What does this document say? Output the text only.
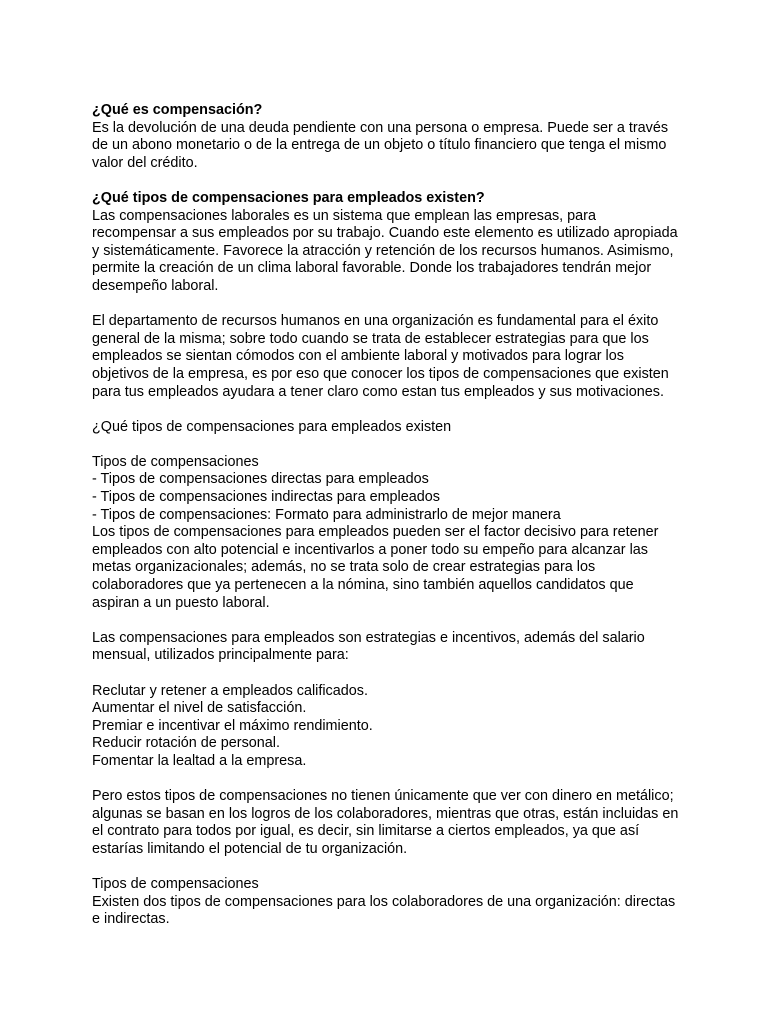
¿Qué es compensación?

Es la devolución de una deuda pendiente con una persona o empresa. Puede ser a través

de un abono monetario o de la entrega de un objeto o título financiero que tenga el mismo

valor del crédito.

¿Qué tipos de compensaciones para empleados existen?

Las compensaciones laborales es un sistema que emplean las empresas, para

recompensar a sus empleados por su trabajo. Cuando este elemento es utilizado apropiada

y sistemáticamente. Favorece la atracción y retención de los recursos humanos. Asimismo,

permite la creación de un clima laboral favorable. Donde los trabajadores tendrán mejor

desempeño laboral.

El departamento de recursos humanos en una organización es fundamental para el éxito

general de la misma; sobre todo cuando se trata de establecer estrategias para que los

empleados se sientan cómodos con el ambiente laboral y motivados para lograr los

objetivos de la empresa, es por eso que conocer los tipos de compensaciones que existen

para tus empleados ayudara a tener claro como estan tus empleados y sus motivaciones.

¿Qué tipos de compensaciones para empleados existen

Tipos de compensaciones

- Tipos de compensaciones directas para empleados

- Tipos de compensaciones indirectas para empleados

- Tipos de compensaciones: Formato para administrarlo de mejor manera

Los tipos de compensaciones para empleados pueden ser el factor decisivo para retener

empleados con alto potencial e incentivarlos a poner todo su empeño para alcanzar las

metas organizacionales; además, no se trata solo de crear estrategias para los

colaboradores que ya pertenecen a la nómina, sino también aquellos candidatos que

aspiran a un puesto laboral.

Las compensaciones para empleados son estrategias e incentivos, además del salario

mensual, utilizados principalmente para:

Reclutar y retener a empleados calificados.

Aumentar el nivel de satisfacción.

Premiar e incentivar el máximo rendimiento.

Reducir rotación de personal.

Fomentar la lealtad a la empresa.

Pero estos tipos de compensaciones no tienen únicamente que ver con dinero en metálico;

algunas se basan en los logros de los colaboradores, mientras que otras, están incluidas en

el contrato para todos por igual, es decir, sin limitarse a ciertos empleados, ya que así

estarías limitando el potencial de tu organización.

Tipos de compensaciones

Existen dos tipos de compensaciones para los colaboradores de una organización: directas

e indirectas.
